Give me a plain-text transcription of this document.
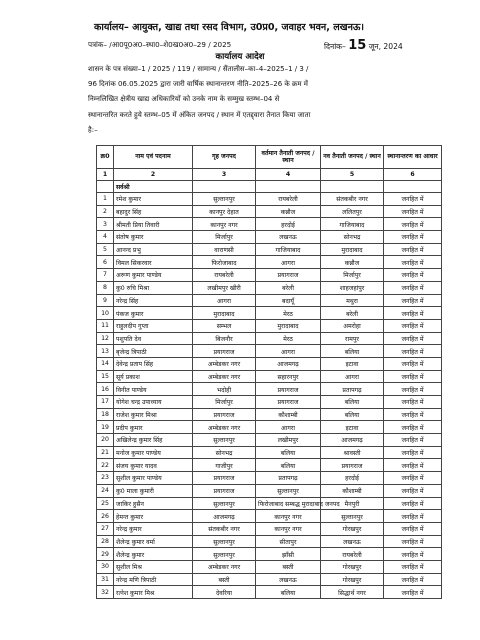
कार्यालय– आयुक्त, खाद्य तथा रसद विभाग, उ0प्र0, जवाहर भवन, लखनऊ।
पत्रांक– /आ0पू0अ0–स्था0–शे0ख0अ0–29 / 2025	दिनांक– 15 जून, 2024
कार्यालय आदेश

शासन के पत्र संख्या–1 / 2025 / 119 / सामान्य / सैंतालीस–का–4–2025–1 / 3 /

96 दिनांक 06.05.2025 द्वारा जारी वार्षिक स्थानान्तरण नीति–2025–26 के क्रम में

निम्नलिखित क्षेत्रीय खाद्य अधिकारियों को उनके नाम के सम्मुख स्तम्भ–04 से

स्थानान्तरित करते हुये स्तम्भ–05 में अंकित जनपद / स्थान में एतद्द्वारा तैनात किया जाता

है:–

क्र0	नाम एवं पदनाम	गृह जनपद	वर्तमान तैनाती जनपद / स्थान	नव तैनाती जनपद / स्थान	स्थानान्तरण का आधार
1	2	3	4	5	6
	सर्वश्री				
1	रमेश कुमार	सुल्तानपुर	रायबरेली	संतकबीर नगर	जनहित में
2	बहादुर सिंह	कानपुर देहात	कन्नौज	ललितपुर	जनहित में
3	श्रीमती प्रिया तिवारी	कानपुर नगर	हरदोई	गाजियाबाद	जनहित में
4	संतोष कुमार	मिर्जापुर	लखनऊ	सोनभद्र	जनहित में
5	आनन्द प्रभु	वाराणसी	गाजियाबाद	मुरादाबाद	जनहित में
6	विमल सिकरवार	फिरोजाबाद	आगरा	कन्नौज	जनहित में
7	अरूण कुमार पाण्डेय	रायबरेली	प्रयागराज	मिर्जापुर	जनहित में
8	कु0 रुचि मिश्रा	लखीमपुर खीरी	बरेली	शाहजहांपुर	जनहित में
9	नरेन्द्र सिंह	आगरा	बदायूँ	मथुरा	जनहित में
10	पंकज कुमार	मुरादाबाद	मेरठ	बरेली	जनहित में
11	राहुलदीप गुप्ता	सम्भल	मुरादाबाद	अमरोहा	जनहित में
12	पशुपति देव	बिजनौर	मेरठ	रामपुर	जनहित में
13	बृजेन्द्र त्रिपाठी	प्रयागराज	आगरा	बलिया	जनहित में
14	देवेन्द्र प्रताप सिंह	अम्बेडकर नगर	आजमगढ़	इटावा	जनहित में
15	सूर्य प्रकाश	अम्बेडकर नगर	सहारनपुर	आगरा	जनहित में
16	विनीत पाण्डेय	भदोही	प्रयागराज	प्रतापगढ़	जनहित में
17	योगेश चन्द्र उपाध्याय	मिर्जापुर	प्रयागराज	बलिया	जनहित में
18	राजेश कुमार मिश्रा	प्रयागराज	कौशाम्बी	बलिया	जनहित में
19	प्रदीप कुमार	अम्बेडकर नगर	आगरा	इटावा	जनहित में
20	अखिलेन्द्र कुमार सिंह	सुल्तानपुर	लखीमपुर	आजमगढ़	जनहित में
21	मनोज कुमार पाण्डेय	सोनभद्र	बलिया	श्रावस्ती	जनहित में
22	संजय कुमार यादव	गाजीपुर	बलिया	प्रयागराज	जनहित में
23	सुशील कुमार पाण्डेय	प्रयागराज	प्रतापगढ़	हरदोई	जनहित में
24	कु0 माला कुमारी	प्रयागराज	सुल्तानपुर	कौशाम्बी	जनहित में
25	जाकिर हुसैन	सुल्तानपुर	फिरोजाबाद सम्बद्ध मुरादाबाद जनपद	मैनपुरी	जनहित में
26	हेमन्त कुमार	आजमगढ़	कानपुर नगर	सुल्तानपुर	जनहित में
27	नरेन्द्र कुमार	संतकबीर नगर	कानपुर नगर	गोरखपुर	जनहित में
28	शैलेन्द्र कुमार वर्मा	सुल्तानपुर	सीतापुर	लखनऊ	जनहित में
29	शैलेन्द्र कुमार	सुल्तानपुर	झाँसी	रायबरेली	जनहित में
30	सुशील मिश्र	अम्बेडकर नगर	बस्ती	गोरखपुर	जनहित में
31	नरेन्द्र मणि त्रिपाठी	बस्ती	लखनऊ	गोरखपुर	जनहित में
32	रत्नेश कुमार मिश्र	देवरिया	बलिया	सिद्धार्थ नगर	जनहित में
